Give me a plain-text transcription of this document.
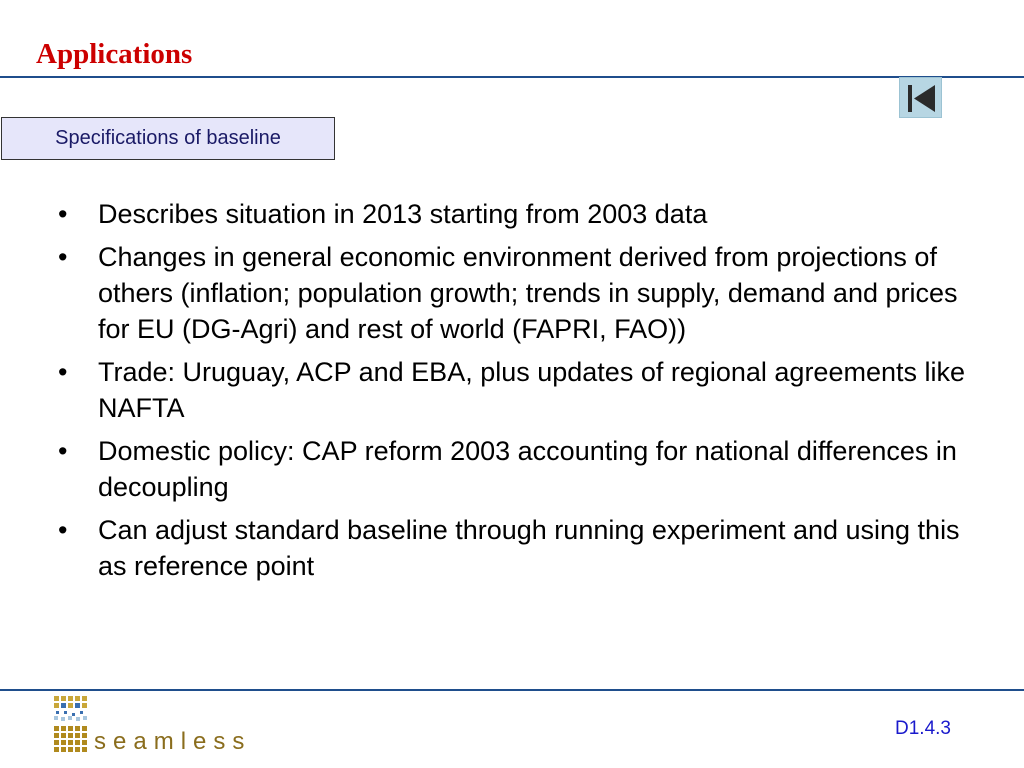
Applications
Specifications of baseline
• Describes situation in 2013 starting from 2003 data
• Changes in general economic environment derived from projections of others (inflation; population growth; trends in supply, demand and prices for EU (DG-Agri) and rest of world (FAPRI, FAO))
• Trade: Uruguay, ACP and EBA, plus updates of regional agreements like NAFTA
• Domestic policy: CAP reform 2003 accounting for national differences in decoupling
• Can adjust standard baseline through running experiment and using this as reference point
seamless	D1.4.3
